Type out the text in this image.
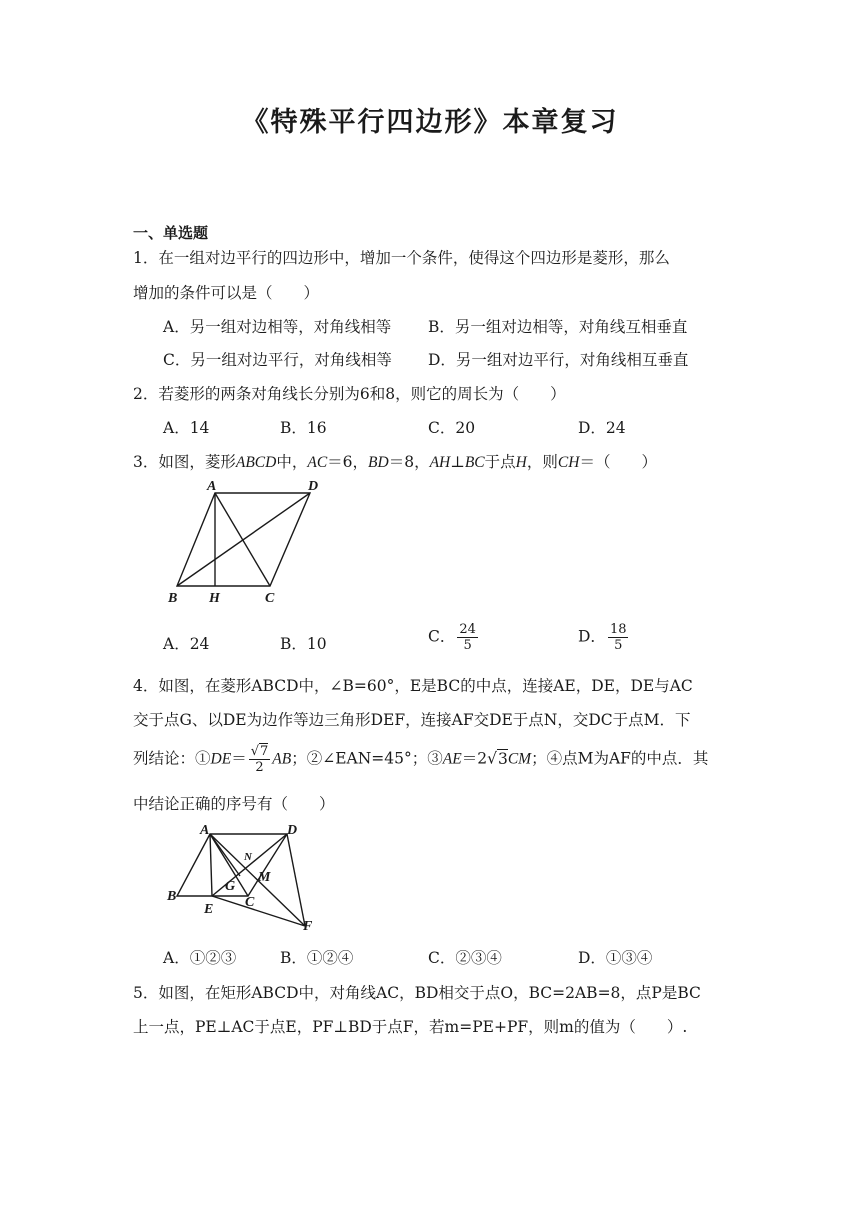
《特殊平行四边形》本章复习
一、单选题
1．在一组对边平行的四边形中，增加一个条件，使得这个四边形是菱形，那么
增加的条件可以是（　　）
A．另一组对边相等，对角线相等 B．另一组对边相等，对角线互相垂直
C．另一组对边平行，对角线相等 D．另一组对边平行，对角线相互垂直
2．若菱形的两条对角线长分别为6和8，则它的周长为（　　）
A．14	B．16	C．20	D．24
3．如图，菱形ABCD中，AC＝6，BD＝8，AH⊥BC于点H，则CH＝（　　）
A	D
B H	C
A．24	B．10	C． $\frac{24}{5}$	D． $\frac{18}{5}$
4．如图，在菱形ABCD中，∠B=60°，E是BC的中点，连接AE，DE，DE与AC
交于点G、以DE为边作等边三角形DEF，连接AF交DE于点N，交DC于点M．下
列结论：①DE＝ $\frac{√7}{2}$ AB；②∠EAN=45°；③AE＝2√3CM；④点M为AF的中点．其
中结论正确的序号有（　　）
A	D
B
E
G
C
M
N
F
A．①②③	B．①②④	C．②③④	D．①③④
5．如图，在矩形ABCD中，对角线AC，BD相交于点O，BC=2AB=8，点P是BC
上一点，PE⊥AC于点E，PF⊥BD于点F，若m=PE+PF，则m的值为（　　）.
